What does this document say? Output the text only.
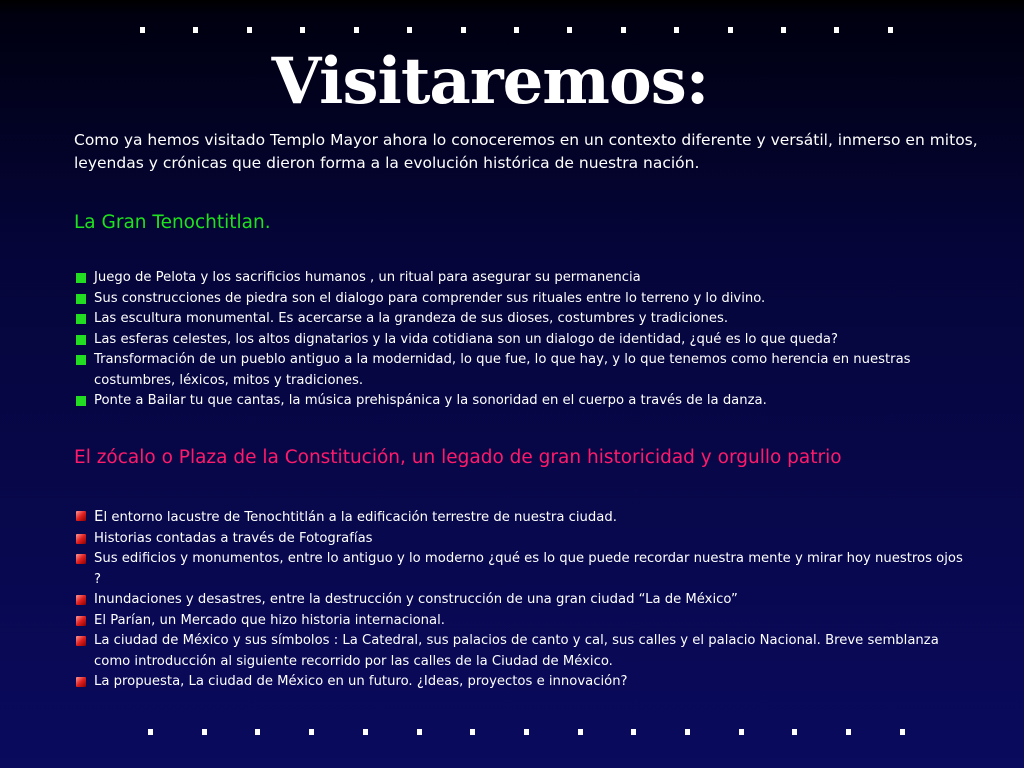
Visitaremos:

Como ya hemos visitado Templo Mayor ahora lo conoceremos en un contexto diferente y versátil, inmerso en mitos, leyendas y crónicas que dieron forma a la evolución histórica de nuestra nación.

La Gran Tenochtitlan.
Juego de Pelota y los sacrificios humanos , un ritual para asegurar su permanencia
Sus construcciones de piedra son el dialogo para comprender sus rituales entre lo terreno y lo divino.
Las escultura monumental. Es acercarse a la grandeza de sus dioses, costumbres y tradiciones.
Las esferas celestes, los altos dignatarios y la vida cotidiana son un dialogo de identidad, ¿qué es lo que queda?
Transformación de un pueblo antiguo a la modernidad, lo que fue, lo que hay, y lo que tenemos como herencia en nuestras costumbres, léxicos, mitos y tradiciones.
Ponte a Bailar tu que cantas, la música prehispánica y la sonoridad en el cuerpo a través de la danza.
El zócalo o Plaza de la Constitución, un legado de gran historicidad y orgullo patrio
El entorno lacustre de Tenochtitlán a la edificación terrestre de nuestra ciudad.
Historias contadas a través de Fotografías
Sus edificios y monumentos, entre lo antiguo y lo moderno ¿qué es lo que puede recordar nuestra mente y mirar hoy nuestros ojos ?
Inundaciones y desastres, entre la destrucción y construcción de una gran ciudad “La de México”
El Parían, un Mercado que hizo historia internacional.
La ciudad de México y sus símbolos : La Catedral, sus palacios de canto y cal, sus calles y el palacio Nacional. Breve semblanza como introducción al siguiente recorrido por las calles de la Ciudad de México.
La propuesta, La ciudad de México en un futuro. ¿Ideas, proyectos e innovación?
